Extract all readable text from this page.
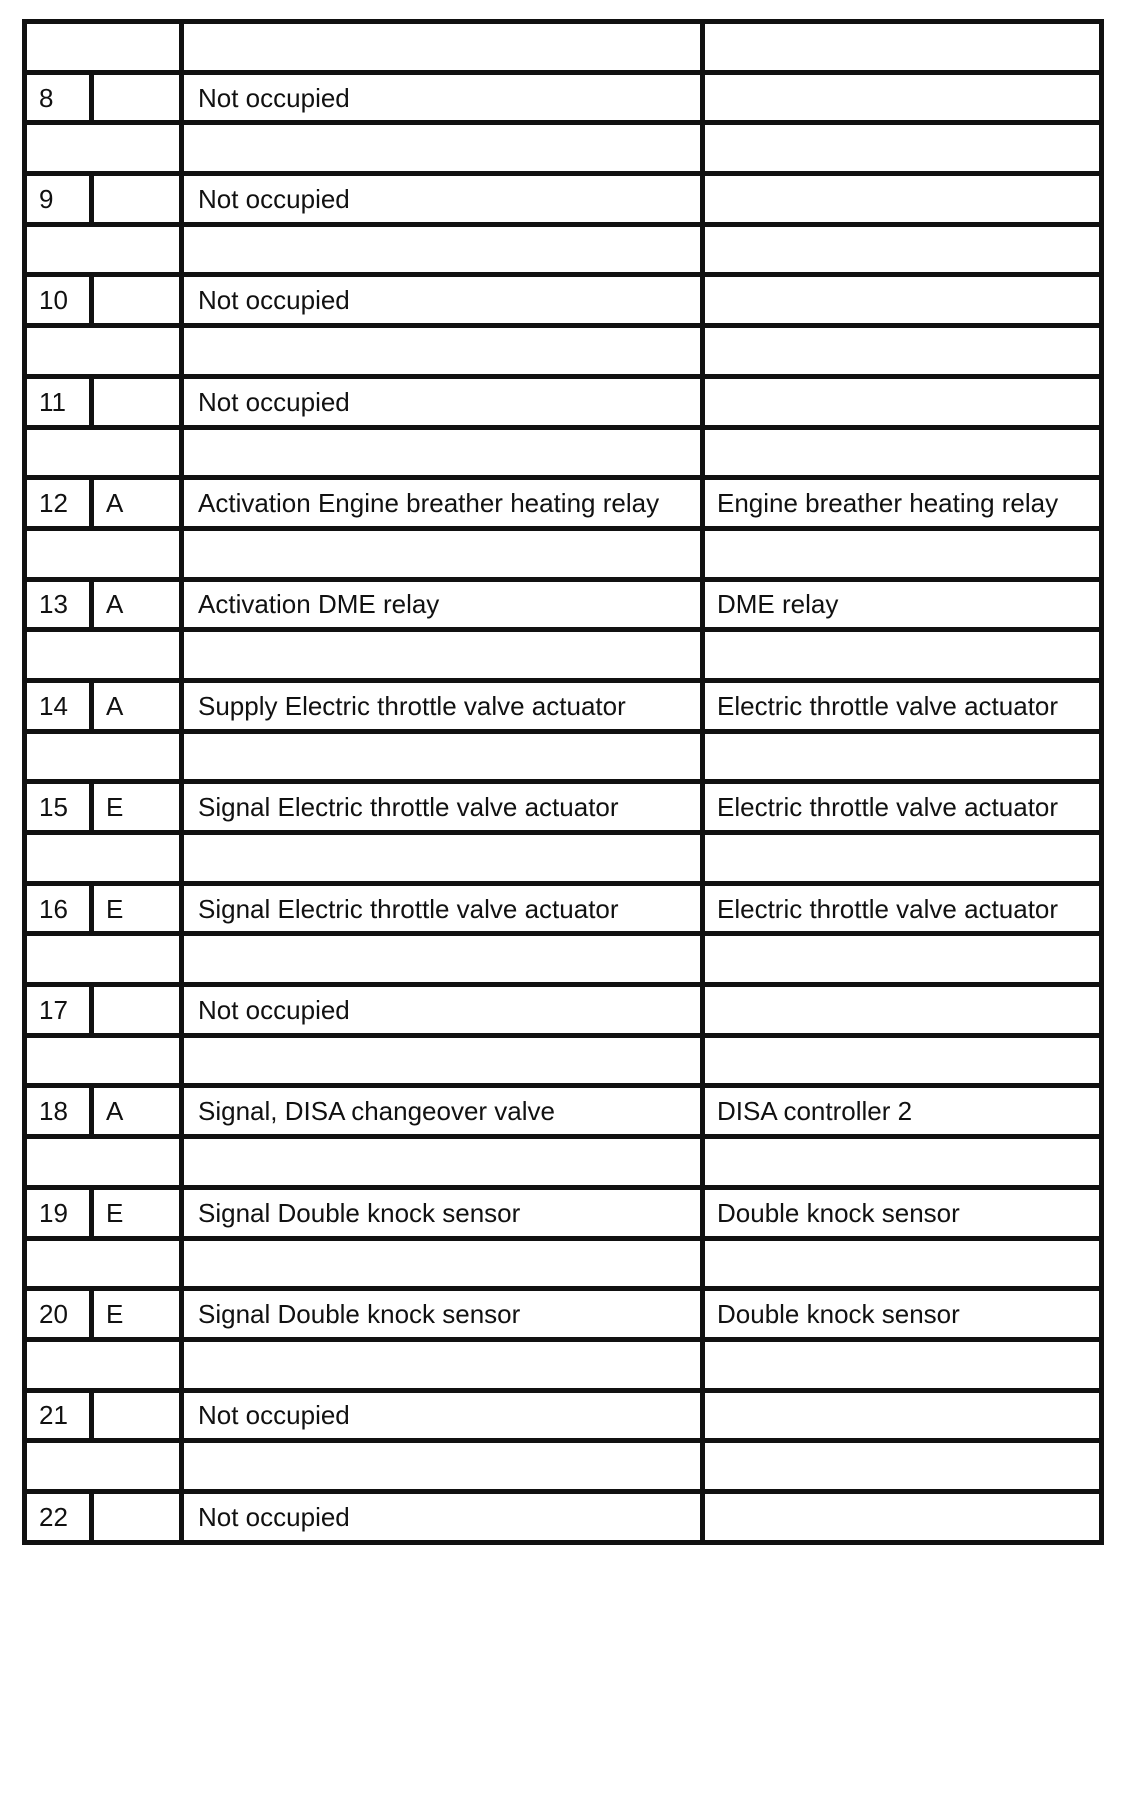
8		Not occupied	

9		Not occupied	

10		Not occupied	

11		Not occupied	

12	A	Activation Engine breather heating relay	Engine breather heating relay

13	A	Activation DME relay	DME relay

14	A	Supply Electric throttle valve actuator	Electric throttle valve actuator

15	E	Signal Electric throttle valve actuator	Electric throttle valve actuator

16	E	Signal Electric throttle valve actuator	Electric throttle valve actuator

17		Not occupied	

18	A	Signal, DISA changeover valve	DISA controller 2

19	E	Signal Double knock sensor	Double knock sensor

20	E	Signal Double knock sensor	Double knock sensor

21		Not occupied	

22		Not occupied	
